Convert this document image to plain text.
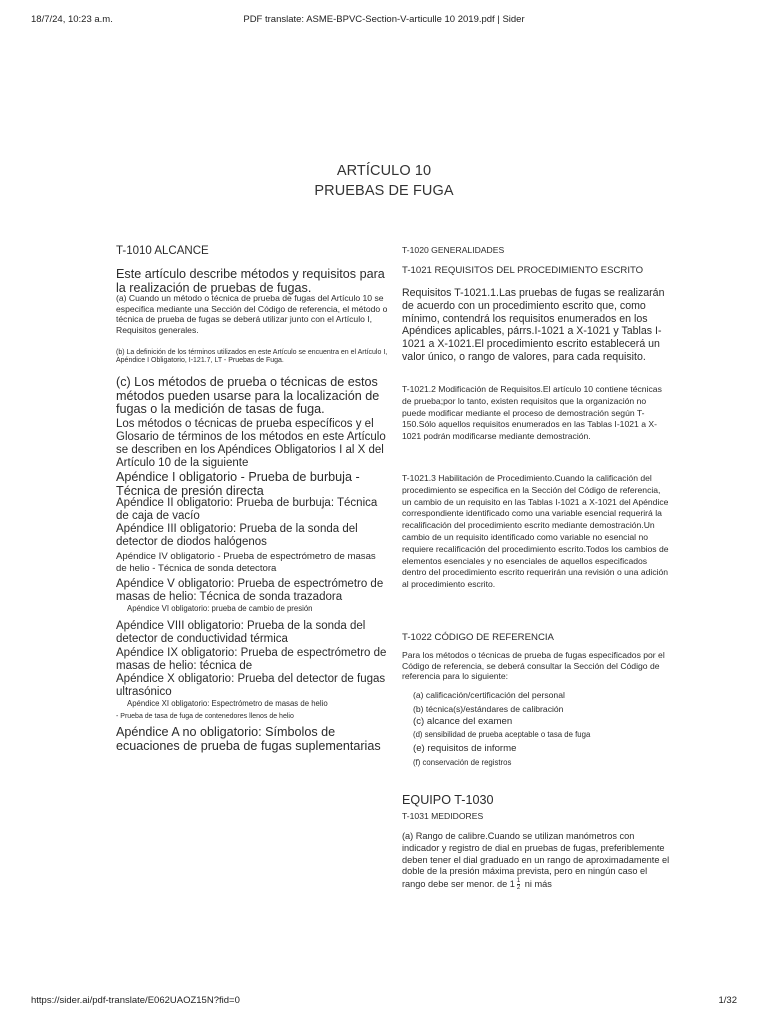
18/7/24, 10:23 a.m.	PDF translate: ASME-BPVC-Section-V-articulle 10 2019.pdf | Sider
ARTÍCULO 10
PRUEBAS DE FUGA
T-1010 ALCANCE
Este artículo describe métodos y requisitos para la realización de pruebas de fugas.
(a) Cuando un método o técnica de prueba de fugas del Artículo 10 se especifica mediante una Sección del Código de referencia, el método o técnica de prueba de fugas se deberá utilizar junto con el Artículo I, Requisitos generales.
(b) La definición de los términos utilizados en este Artículo se encuentra en el Artículo I, Apéndice I Obligatorio, I-121.7, LT - Pruebas de Fuga.
(c) Los métodos de prueba o técnicas de estos métodos pueden usarse para la localización de fugas o la medición de tasas de fuga.
Los métodos o técnicas de prueba específicos y el Glosario de términos de los métodos en este Artículo se describen en los Apéndices Obligatorios I al X del Artículo 10 de la siguiente
Apéndice I obligatorio - Prueba de burbuja - Técnica de presión directa
Apéndice II obligatorio: Prueba de burbuja: Técnica de caja de vacío
Apéndice III obligatorio: Prueba de la sonda del detector de diodos halógenos
Apéndice IV obligatorio - Prueba de espectrómetro de masas de helio - Técnica de sonda detectora
Apéndice V obligatorio: Prueba de espectrómetro de masas de helio: Técnica de sonda trazadora
Apéndice VI obligatorio: prueba de cambio de presión
Apéndice VIII obligatorio: Prueba de la sonda del detector de conductividad térmica
Apéndice IX obligatorio: Prueba de espectrómetro de masas de helio: técnica de
Apéndice X obligatorio: Prueba del detector de fugas ultrasónico
Apéndice XI obligatorio: Espectrómetro de masas de helio
- Prueba de tasa de fuga de contenedores llenos de helio
Apéndice A no obligatorio: Símbolos de ecuaciones de prueba de fugas suplementarias
T-1020 GENERALIDADES
T-1021 REQUISITOS DEL PROCEDIMIENTO ESCRITO
Requisitos T-1021.1.Las pruebas de fugas se realizarán de acuerdo con un procedimiento escrito que, como mínimo, contendrá los requisitos enumerados en los Apéndices aplicables, párrs.I-1021 a X-1021 y Tablas I-1021 a X-1021.El procedimiento escrito establecerá un valor único, o rango de valores, para cada requisito.
T-1021.2 Modificación de Requisitos.El artículo 10 contiene técnicas de prueba;por lo tanto, existen requisitos que la organización no puede modificar mediante el proceso de demostración según T-150.Sólo aquellos requisitos enumerados en las Tablas I-1021 a X-1021 podrán modificarse mediante demostración.
T-1021.3 Habilitación de Procedimiento.Cuando la calificación del procedimiento se especifica en la Sección del Código de referencia, un cambio de un requisito en las Tablas I-1021 a X-1021 del Apéndice correspondiente identificado como una variable esencial requerirá la recalificación del procedimiento escrito mediante demostración.Un cambio de un requisito identificado como variable no esencial no requiere recalificación del procedimiento escrito.Todos los cambios de elementos esenciales y no esenciales de aquellos especificados dentro del procedimiento escrito requerirán una revisión o una adición al procedimiento escrito.
T-1022 CÓDIGO DE REFERENCIA
Para los métodos o técnicas de prueba de fugas especificados por el Código de referencia, se deberá consultar la Sección del Código de referencia para lo siguiente:
(a) calificación/certificación del personal
(b) técnica(s)/estándares de calibración
(c) alcance del examen
(d) sensibilidad de prueba aceptable o tasa de fuga
(e) requisitos de informe
(f) conservación de registros
EQUIPO T-1030
T-1031 MEDIDORES
(a) Rango de calibre.Cuando se utilizan manómetros con indicador y registro de dial en pruebas de fugas, preferiblemente deben tener el dial graduado en un rango de aproximadamente el doble de la presión máxima prevista, pero en ningún caso el rango debe ser menor. de $1 \frac{1}{2}$ ni más
https://sider.ai/pdf-translate/E062UAOZ15N?fid=0	1/32
